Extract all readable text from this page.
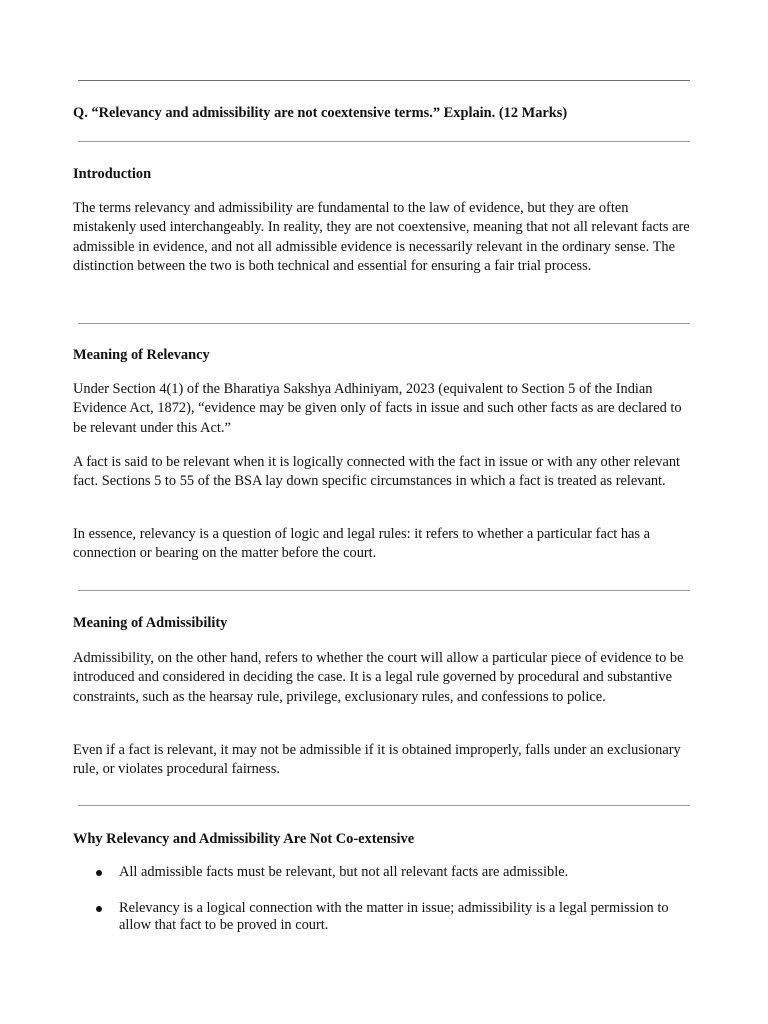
Q. “Relevancy and admissibility are not coextensive terms.” Explain. (12 Marks)
Introduction

The terms relevancy and admissibility are fundamental to the law of evidence, but they are often mistakenly used interchangeably. In reality, they are not coextensive, meaning that not all relevant facts are admissible in evidence, and not all admissible evidence is necessarily relevant in the ordinary sense. The distinction between the two is both technical and essential for ensuring a fair trial process.

Meaning of Relevancy

Under Section 4(1) of the Bharatiya Sakshya Adhiniyam, 2023 (equivalent to Section 5 of the Indian Evidence Act, 1872), “evidence may be given only of facts in issue and such other facts as are declared to be relevant under this Act.”

A fact is said to be relevant when it is logically connected with the fact in issue or with any other relevant fact. Sections 5 to 55 of the BSA lay down specific circumstances in which a fact is treated as relevant.

In essence, relevancy is a question of logic and legal rules: it refers to whether a particular fact has a connection or bearing on the matter before the court.

Meaning of Admissibility

Admissibility, on the other hand, refers to whether the court will allow a particular piece of evidence to be introduced and considered in deciding the case. It is a legal rule governed by procedural and substantive constraints, such as the hearsay rule, privilege, exclusionary rules, and confessions to police.

Even if a fact is relevant, it may not be admissible if it is obtained improperly, falls under an exclusionary rule, or violates procedural fairness.

Why Relevancy and Admissibility Are Not Co-extensive
All admissible facts must be relevant, but not all relevant facts are admissible.
Relevancy is a logical connection with the matter in issue; admissibility is a legal permission to allow that fact to be proved in court.
